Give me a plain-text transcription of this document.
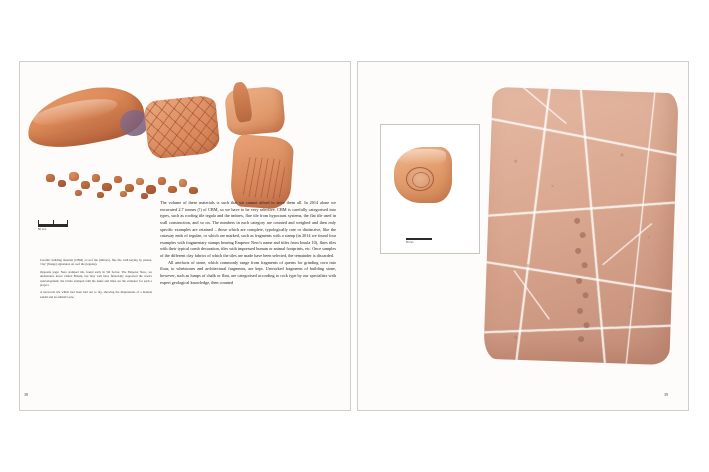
50 mm

Ceramic building material (CBM) at roof tile (imbrex), flue tile with keying by plaster, 'clay' (flange) signatures on roof tile (tegulae).

Opposite page: Nero stamped tile, found early in 5th Sector. The Emperor Nero, we understand, never visited Britain, but may well have financially supported the town's redevelopment; the bricks stamped with his name and titles are the evidence for such a project.

A terracotta tile which had been laid out to dry, showing the impressions of a Roman sandal and an animal's paw.

The volume of these materials is such that we cannot afford to store them all. In 2014 alone we excavated 2.7 tonnes (!) of CBM, so we have to be very selective. CBM is carefully categorised into types, such as roofing tile tegula and the imbrex, flue tile from hypocaust systems, the flat tile used in wall construction, and so on. The numbers in each category are counted and weighed and then only specific examples are retained – those which are complete, typologically rare or distinctive, like the cutaway ends of tegulae, or which are marked, such as fragments with a stamp (in 2014 we found four examples with fragmentary stamps bearing Emperor Nero's name and titles from Insula 10), flues tiles with their typical comb decoration, tiles with impressed human or animal footprints, etc. Once samples of the different clay fabrics of which the tiles are made have been selected, the remainder is discarded.

All artefacts of stone, which commonly range from fragments of querns for grinding corn into flour, to whetstones and architectural fragments, are kept. Unworked fragments of building stone, however, such as lumps of chalk or flint, are categorised according to rock type by our specialists with expert geological knowledge, then counted

38
50 mm
39
